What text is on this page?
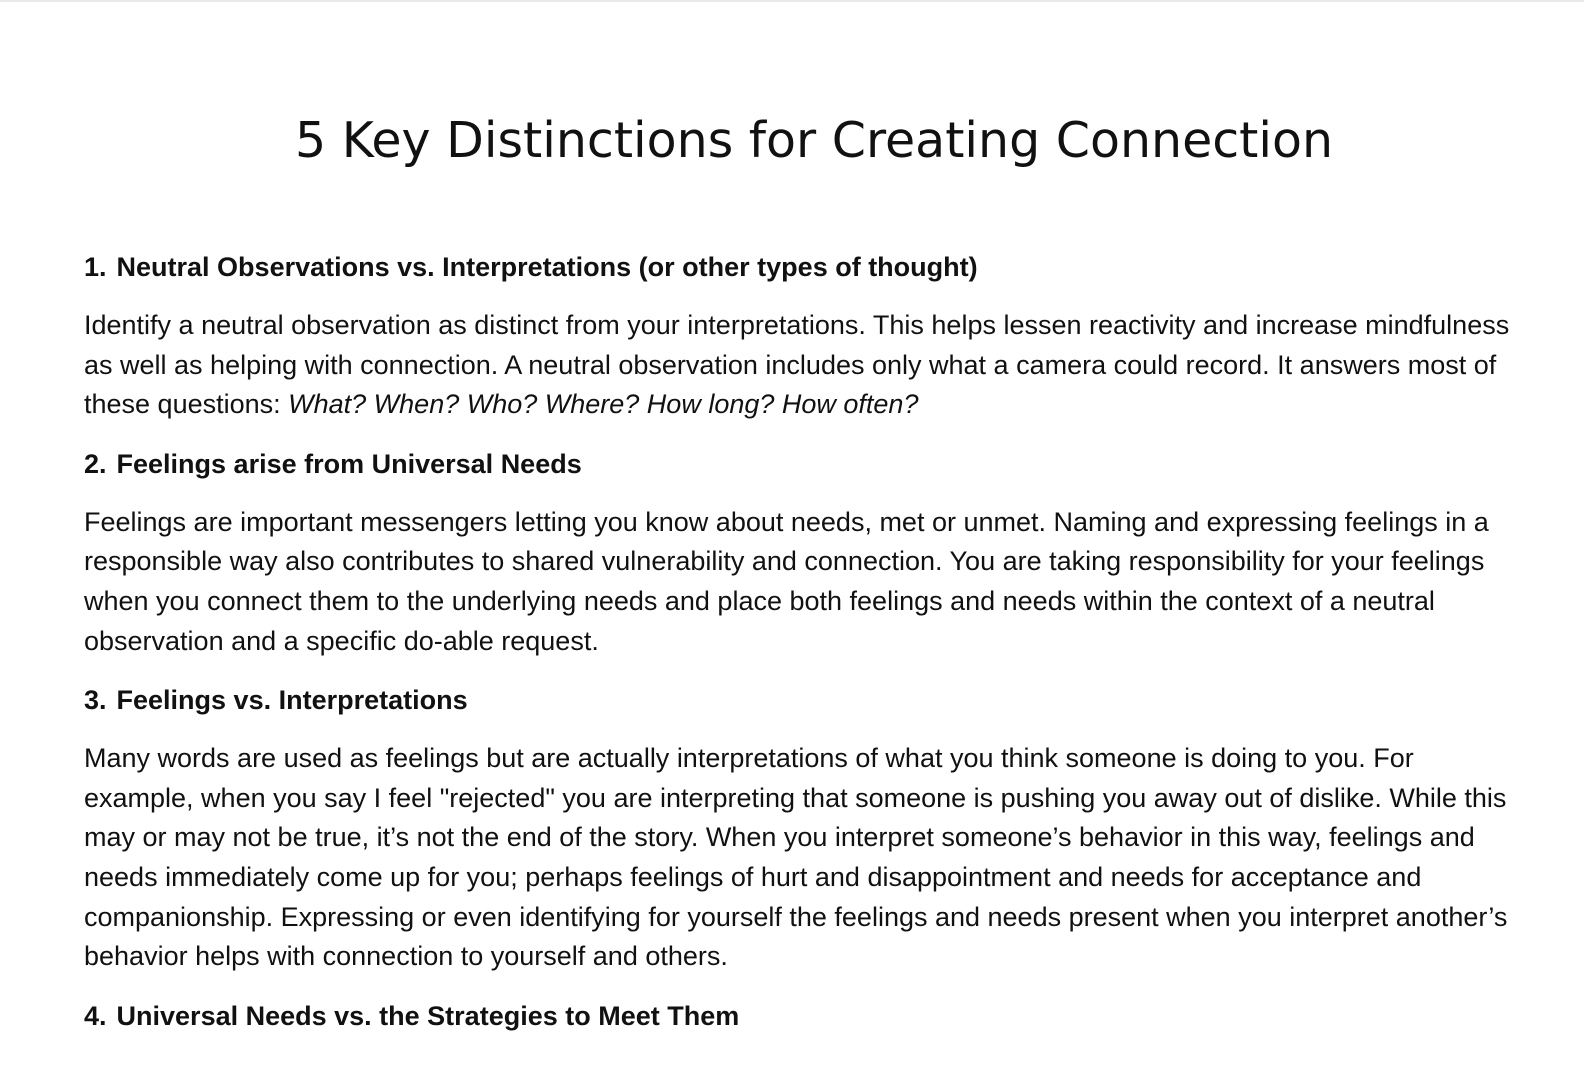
5 Key Distinctions for Creating Connection
1. Neutral Observations vs. Interpretations (or other types of thought)

Identify a neutral observation as distinct from your interpretations. This helps lessen reactivity and increase mindfulness as well as helping with connection. A neutral observation includes only what a camera could record. It answers most of these questions: What? When? Who? Where? How long? How often?

2. Feelings arise from Universal Needs

Feelings are important messengers letting you know about needs, met or unmet. Naming and expressing feelings in a responsible way also contributes to shared vulnerability and connection. You are taking responsibility for your feelings when you connect them to the underlying needs and place both feelings and needs within the context of a neutral observation and a specific do-able request.

3. Feelings vs. Interpretations

Many words are used as feelings but are actually interpretations of what you think someone is doing to you. For example, when you say I feel "rejected" you are interpreting that someone is pushing you away out of dislike. While this may or may not be true, it’s not the end of the story. When you interpret someone’s behavior in this way, feelings and needs immediately come up for you; perhaps feelings of hurt and disappointment and needs for acceptance and companionship. Expressing or even identifying for yourself the feelings and needs present when you interpret another’s behavior helps with connection to yourself and others.

4. Universal Needs vs. the Strategies to Meet Them
